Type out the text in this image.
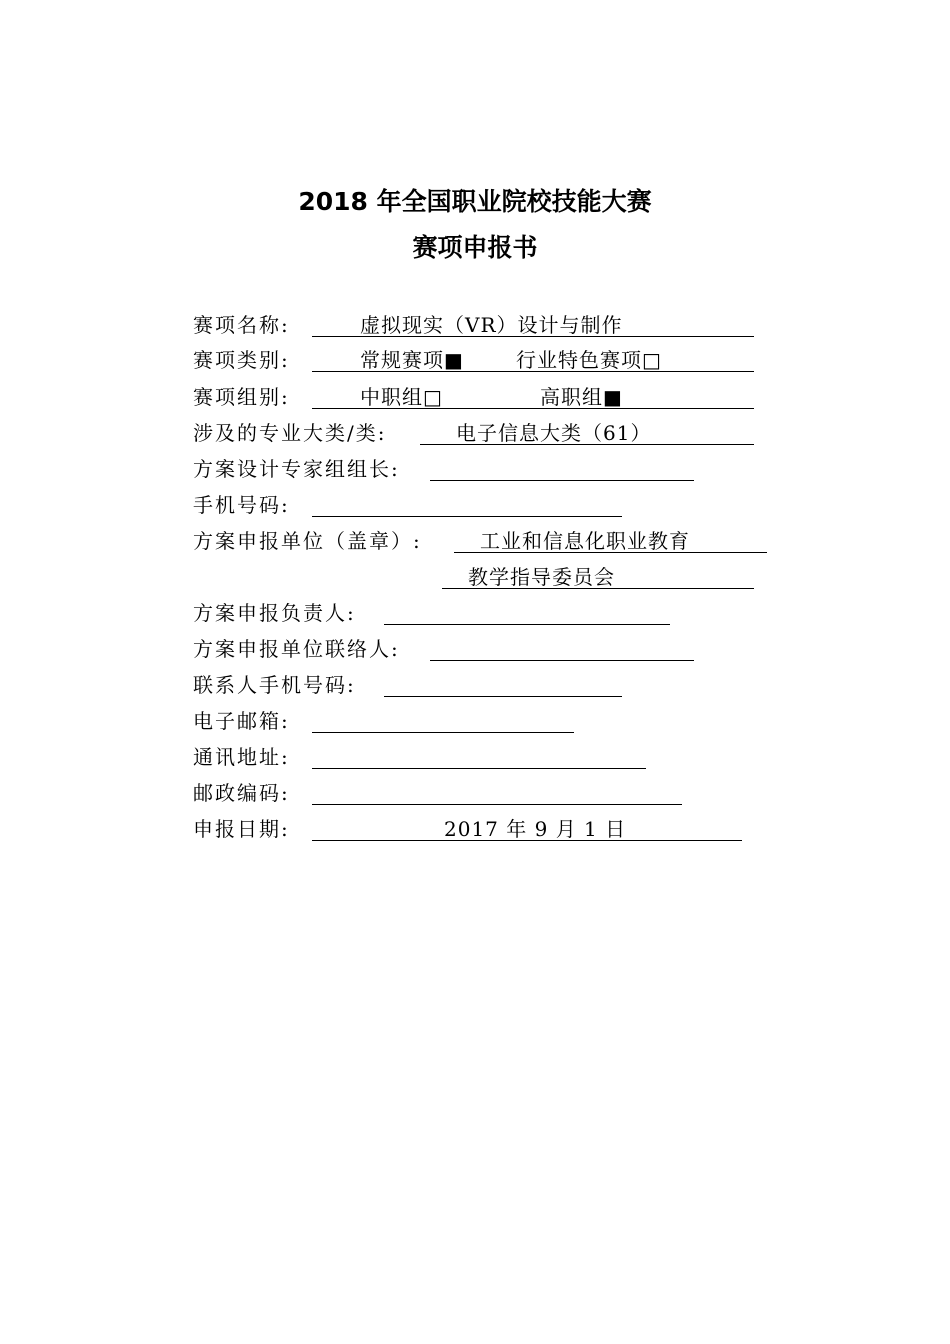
2018 年全国职业院校技能大赛
赛项申报书
赛项名称:	虚拟现实（VR）设计与制作
赛项类别:	常规赛项■	行业特色赛项□
赛项组别:	中职组□	高职组■
涉及的专业大类/类:	电子信息大类（61）
方案设计专家组组长:
手机号码:
方案申报单位（盖章）:	工业和信息化职业教育
教学指导委员会
方案申报负责人:
方案申报单位联络人:
联系人手机号码:
电子邮箱:
通讯地址:
邮政编码:
申报日期:	2017 年 9 月 1 日
